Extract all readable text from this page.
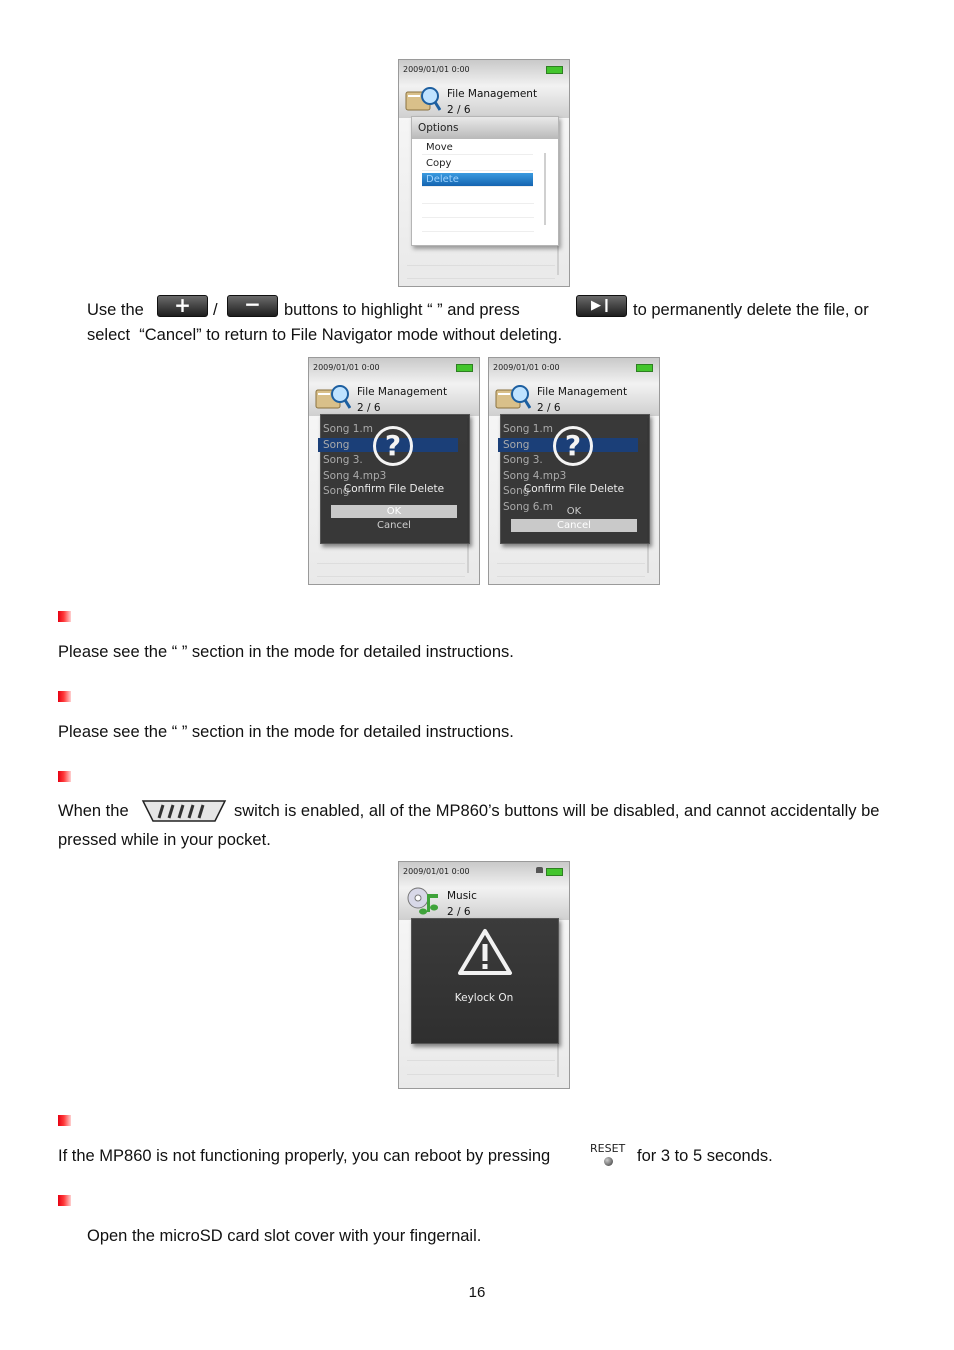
2009/01/01 0:00
File Management
2 / 6
Options
Move
Copy
Delete
Use the	+	/	−	buttons to highlight “ ” and press	▶❙	to permanently delete the file, or
select  “Cancel” to return to File Navigator mode without deleting.
2009/01/01 0:00
File Management
2 / 6
Song 1.m
Song
Song 3.
Song 4.mp3
Song
?
Confirm File Delete
OK
Cancel
2009/01/01 0:00
File Management
2 / 6
Song 1.m
Song
Song 3.
Song 4.mp3
Song
Song 6.m
?
Confirm File Delete
OK
Cancel
Please see the “ ” section in the mode for detailed instructions.
Please see the “ ” section in the mode for detailed instructions.
When the	switch is enabled, all of the MP860’s buttons will be disabled, and cannot accidentally be
pressed while in your pocket.
2009/01/01 0:00
Music
2 / 6
Keylock On
If the MP860 is not functioning properly, you can reboot by pressing	RESET for 3 to 5 seconds.
Open the microSD card slot cover with your fingernail.
16
